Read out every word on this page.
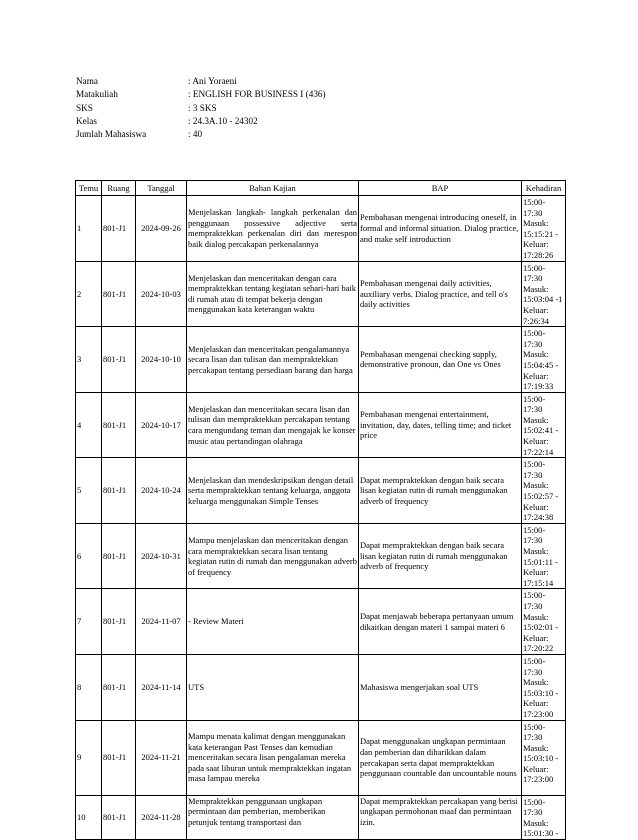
Nama	: Ani Yoraeni
Matakuliah	: ENGLISH FOR BUSINESS I (436)
SKS	: 3 SKS
Kelas	: 24.3A.10 - 24302
Jumlah Mahasiswa	: 40
Temu	Ruang	Tanggal	Bahan Kajian	BAP	Kehadiran
1	801-J1	2024-09-26	Menjelaskan langkah- langkah perkenalan dan penggunaan possessive adjective serta mempraktekkan perkenalan diri dan merespon baik dialog percakapan perkenalannya	Pembahasan mengenai introducing oneself, in formal and informal situation. Dialog practice, and make self introduction	15:00-17:30
Masuk:
15:15:21 -
Keluar:
17:28:26

2	801-J1	2024-10-03	Menjelaskan dan menceritakan dengan cara mempraktekkan tentang kegiatan sehari-hari baik di rumah atau di tempat bekerja dengan menggunakan kata keterangan waktu	Pembahasan mengenai daily activities, auxiliary verbs. Dialog practice, and tell o's daily activities	15:00-17:30
Masuk:
15:03:04 -1
Keluar: 7:26:34

3	801-J1	2024-10-10	Menjelaskan dan menceritakan pengalamannya secara lisan dan tulisan dan mempraktekkan percakapan tentang persediaan barang dan harga	Pembahasan mengenai checking supply, demonstrative pronoun, dan One vs Ones	15:00-17:30
Masuk:
15:04:45 -
Keluar:
17:19:33

4	801-J1	2024-10-17	Menjelaskan dan menceritakan secara lisan dan tulisan dan mempraktekkan percakapan tentang cara mengundang teman dan mengajak ke konser music atau pertandingan olahraga	Pembahasan mengenai entertainment, invitation, day, dates, telling time; and ticket price	15:00-17:30
Masuk:
15:02:41 -
Keluar:
17:22:14

5	801-J1	2024-10-24	Menjelaskan dan mendeskripsikan dengan detail serta mempraktekkan tentang keluarga, anggota keluarga menggunakan Simple Tenses	Dapat mempraktekkan dengan baik secara lisan kegiatan rutin di rumah menggunakan adverb of frequency	15:00-17:30
Masuk:
15:02:57 -
Keluar:
17:24:38

6	801-J1	2024-10-31	Mampu menjelaskan dan menceritakan dengan cara mempraktekkan secara lisan tentang kegiatan rutin di rumah dan menggunakan adverb of frequency	Dapat mempraktekkan dengan baik secara lisan kegiatan rutin di rumah menggunakan adverb of frequency	15:00-17:30
Masuk:
15:01:11 -
Keluar:
17:15:14

7	801-J1	2024-11-07	- Review Materi	Dapat menjawab beberapa pertanyaan umum dikaitkan dengan materi 1 sampai materi 6	15:00-17:30
Masuk:
15:02:01 -
Keluar:
17:20:22

8	801-J1	2024-11-14	UTS	Mahasiswa mengerjakan soal UTS	15:00-17:30
Masuk:
15:03:10 -
Keluar:
17:23:00

9	801-J1	2024-11-21	Mampu menata kalimat dengan menggunakan kata keterangan Past Tenses dan kemudian menceritakan secara lisan pengalaman mereka pada saat liburan untuk mempraktekkan ingatan masa lampau mereka	Dapat menggunakan ungkapan permintaan dan pemberian dan diharikkan dalam percakapan serta dapat mempraktekkan penggunaan countable dan uncountable nouns	15:00-17:30
Masuk:
15:03:10 -
Keluar:
17:23:00

10	801-J1	2024-11-28	Mempraktekkan penggunaan ungkapan permintaan dan pemberian, memberikan petunjuk tentang transportasi dan	Dapat mempraktekkan percakapan yang berisi ungkapan permohonan maaf dan permintaan izin.	15:00-17:30
Masuk:
15:01:30 -
